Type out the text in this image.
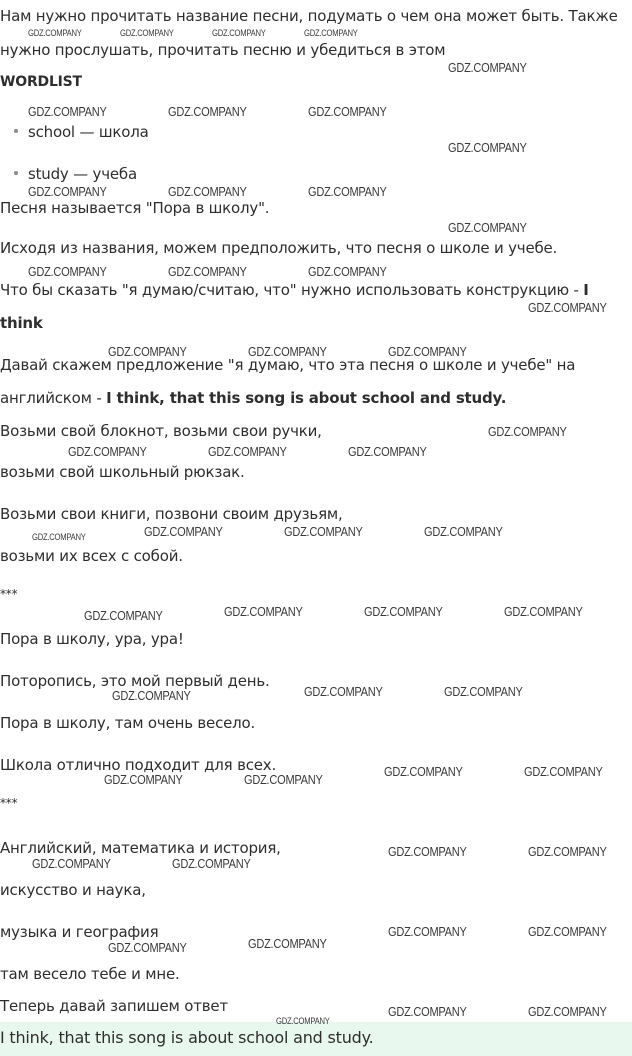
Нам нужно прочитать название песни, подумать о чем она может быть. Также

нужно прослушать, прочитать песню и убедиться в этом

WORDLIST

school — школа
study — учеба

Песня называется "Пора в школу".

Исходя из названия, можем предположить, что песня о школе и учебе.

Что бы сказать "я думаю/считаю, что" нужно использовать конструкцию - I

think

Давай скажем предложение "я думаю, что эта песня о школе и учебе" на

английском - I think, that this song is about school and study.

Возьми свой блокнот, возьми свои ручки,

возьми свой школьный рюкзак.

Возьми свои книги, позвони своим друзьям,

возьми их всех с собой.

***

Пора в школу, ура, ура!

Потoропись, это мой первый день.

Пора в школу, там очень весело.

Школа отлично подходит для всех.

***

Английский, математика и история,

искусство и наука,

музыка и география

там весело тебе и мне.

Теперь давай запишем ответ

I think, that this song is about school and study.

GDZ.COMPANY	GDZ.COMPANY	GDZ.COMPANY	GDZ.COMPANY
GDZ.COMPANY
GDZ.COMPANY	GDZ.COMPANY	GDZ.COMPANY
GDZ.COMPANY
GDZ.COMPANY	GDZ.COMPANY	GDZ.COMPANY
GDZ.COMPANY
GDZ.COMPANY	GDZ.COMPANY	GDZ.COMPANY
GDZ.COMPANY
GDZ.COMPANY	GDZ.COMPANY	GDZ.COMPANY
GDZ.COMPANY
GDZ.COMPANY	GDZ.COMPANY	GDZ.COMPANY
GDZ.COMPANY	GDZ.COMPANY	GDZ.COMPANY	GDZ.COMPANY
GDZ.COMPANY	GDZ.COMPANY	GDZ.COMPANY	GDZ.COMPANY
GDZ.COMPANY	GDZ.COMPANY	GDZ.COMPANY
GDZ.COMPANY	GDZ.COMPANY
GDZ.COMPANY	GDZ.COMPANY
GDZ.COMPANY	GDZ.COMPANY
GDZ.COMPANY	GDZ.COMPANY
GDZ.COMPANY	GDZ.COMPANY
GDZ.COMPANY	GDZ.COMPANY
GDZ.COMPANY	GDZ.COMPANY
GDZ.COMPANY
